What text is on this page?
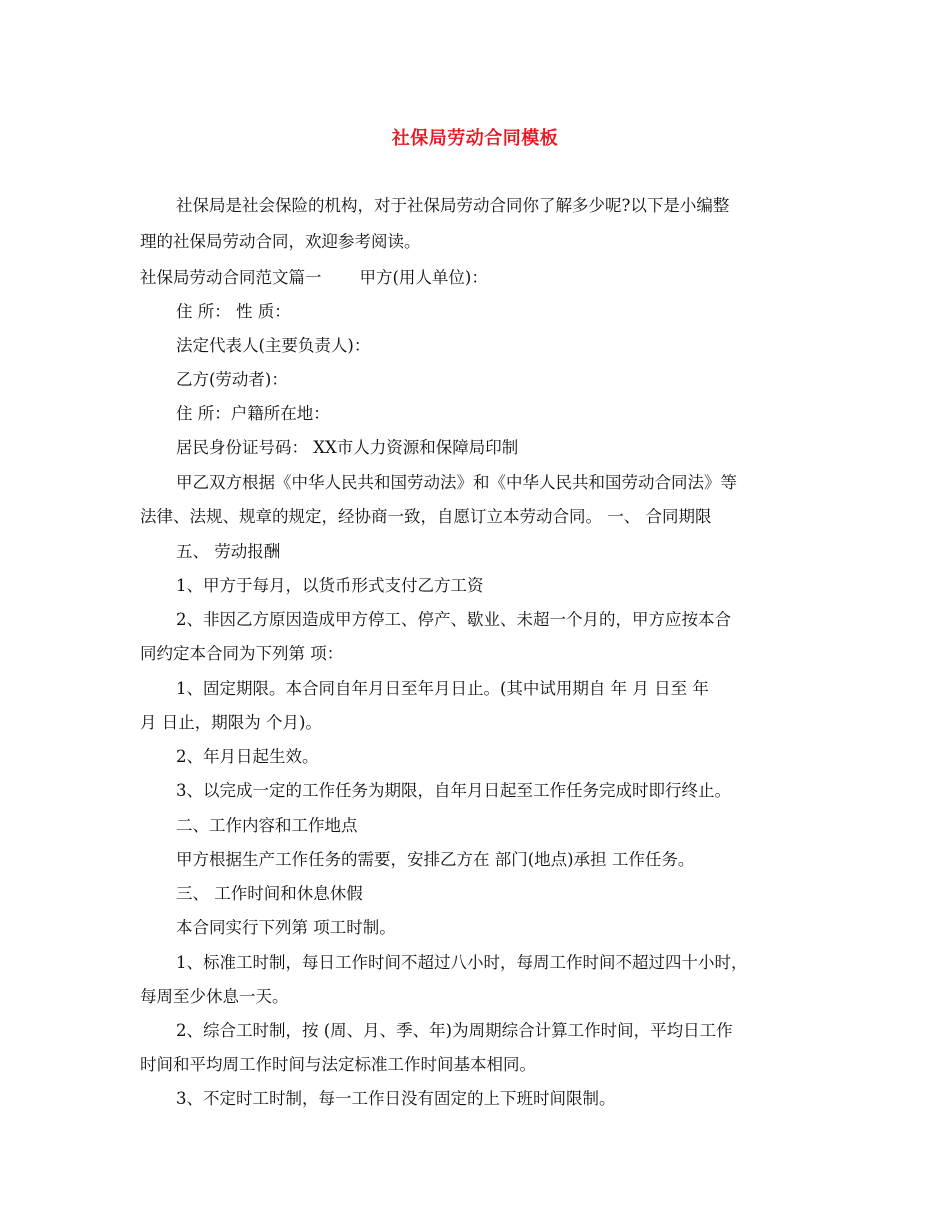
社保局劳动合同模板
社保局是社会保险的机构，对于社保局劳动合同你了解多少呢?以下是小编整
理的社保局劳动合同，欢迎参考阅读。
社保局劳动合同范文篇一 甲方(用人单位)：
住 所： 性 质：
法定代表人(主要负责人)：
乙方(劳动者)：
住 所：户籍所在地：
居民身份证号码： XX市人力资源和保障局印制
甲乙双方根据《中华人民共和国劳动法》和《中华人民共和国劳动合同法》等
法律、法规、规章的规定，经协商一致，自愿订立本劳动合同。 一、 合同期限
五、 劳动报酬
1、甲方于每月，以货币形式支付乙方工资
2、非因乙方原因造成甲方停工、停产、歇业、未超一个月的，甲方应按本合
同约定本合同为下列第 项：
1、固定期限。本合同自年月日至年月日止。(其中试用期自 年 月 日至 年
月 日止，期限为 个月)。
2、年月日起生效。
3、以完成一定的工作任务为期限，自年月日起至工作任务完成时即行终止。
二、工作内容和工作地点
甲方根据生产工作任务的需要，安排乙方在 部门(地点)承担 工作任务。
三、 工作时间和休息休假
本合同实行下列第 项工时制。
1、标准工时制，每日工作时间不超过八小时，每周工作时间不超过四十小时，
每周至少休息一天。
2、综合工时制，按 (周、月、季、年)为周期综合计算工作时间，平均日工作
时间和平均周工作时间与法定标准工作时间基本相同。
3、不定时工时制，每一工作日没有固定的上下班时间限制。
